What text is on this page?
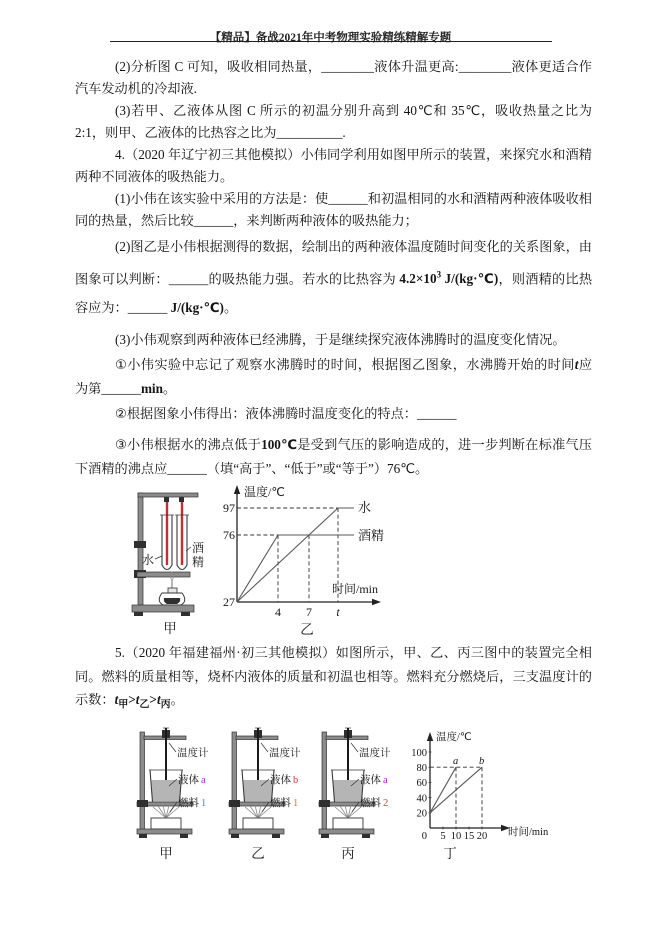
【精品】备战2021年中考物理实验精练精解专题

(2)分析图 C 可知，吸收相同热量，________液体升温更高:________液体更适合作汽车发动机的冷却液.

(3)若甲、乙液体从图 C 所示的初温分别升高到 40℃和 35℃，吸收热量之比为 2:1，则甲、乙液体的比热容之比为__________.

4.（2020 年辽宁初三其他模拟）小伟同学利用如图甲所示的装置，来探究水和酒精两种不同液体的吸热能力。

(1)小伟在该实验中采用的方法是：使______和初温相同的水和酒精两种液体吸收相同的热量，然后比较______，来判断两种液体的吸热能力；

(2)图乙是小伟根据测得的数据，绘制出的两种液体温度随时间变化的关系图象，由图象可以判断：______的吸热能力强。若水的比热容为 $4.2\times 10^3$ J/(kg·℃)，则酒精的比热容应为：______ J/(kg·℃)。

(3)小伟观察到两种液体已经沸腾，于是继续探究液体沸腾时的温度变化情况。

①小伟实验中忘记了观察水沸腾时的时间，根据图乙图象，水沸腾开始的时间t应为第______min。

②根据图象小伟得出：液体沸腾时温度变化的特点：______

③小伟根据水的沸点低于100℃是受到气压的影响造成的，进一步判断在标准气压下酒精的沸点应______（填“高于”、“低于”或“等于”）76℃。

水
酒
精
甲
97
76
27
4 7 t
水
酒精
温度/℃
时间/min
乙

5.（2020 年福建福州·初三其他模拟）如图所示，甲、乙、丙三图中的装置完全相同。燃料的质量相等，烧杯内液体的质量和初温也相等。燃料充分燃烧后，三支温度计的示数：$t_甲>t_乙>t_丙$。

温度计
液体 a
燃料 1
甲
温度计
液体 b
燃料 1
乙
温度计
液体 a
燃料 2
丙
a b
100
80
60
40
20
0 5 10 15 20
温度/℃
时间/min
丁
